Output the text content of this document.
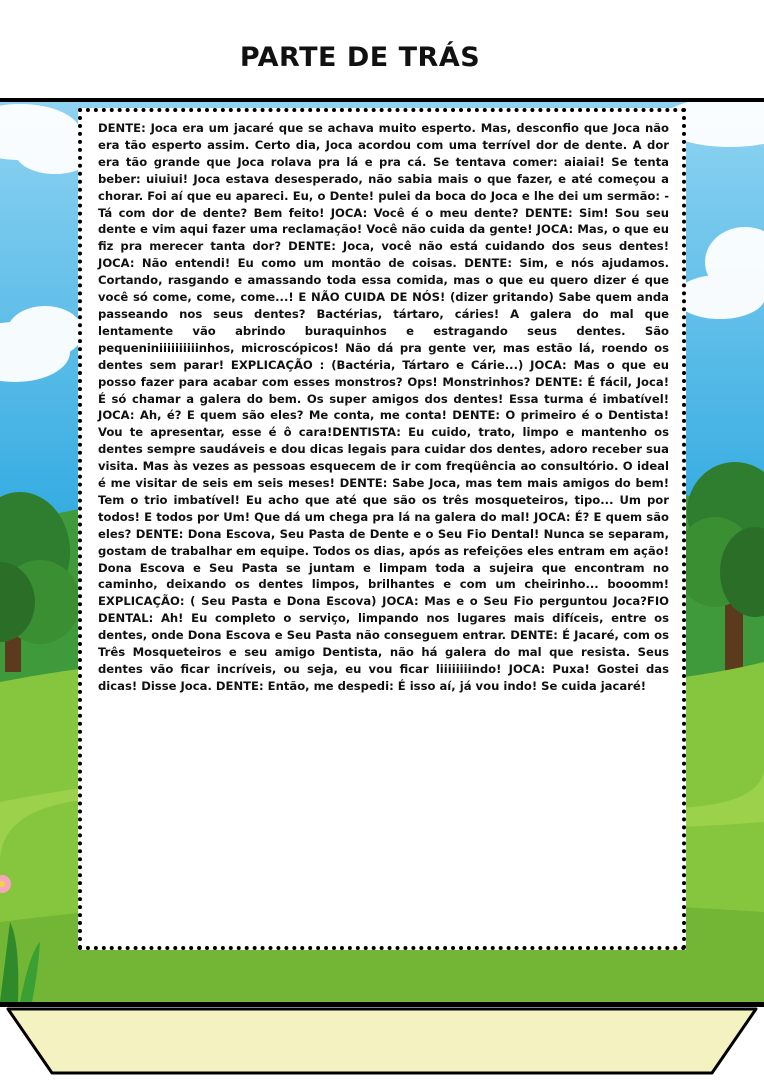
PARTE DE TRÁS

DENTE: Joca era um jacaré que se achava muito esperto. Mas, desconfio que Joca não era tão esperto assim. Certo dia, Joca acordou com uma terrível dor de dente. A dor era tão grande que Joca rolava pra lá e pra cá. Se tentava comer: aiaiai! Se tenta beber: uiuiui! Joca estava desesperado, não sabia mais o que fazer, e até começou a chorar. Foi aí que eu apareci. Eu, o Dente! pulei da boca do Joca e lhe dei um sermão: - Tá com dor de dente? Bem feito! JOCA: Você é o meu dente? DENTE: Sim! Sou seu dente e vim aqui fazer uma reclamação! Você não cuida da gente! JOCA: Mas, o que eu fiz pra merecer tanta dor? DENTE: Joca, você não está cuidando dos seus dentes! JOCA: Não entendi! Eu como um montão de coisas. DENTE: Sim, e nós ajudamos. Cortando, rasgando e amassando toda essa comida, mas o que eu quero dizer é que você só come, come, come...! E NÃO CUIDA DE NÓS! (dizer gritando) Sabe quem anda passeando nos seus dentes? Bactérias, tártaro, cáries! A galera do mal que lentamente vão abrindo buraquinhos e estragando seus dentes. São pequeniniiiiiiiiiinhos, microscópicos! Não dá pra gente ver, mas estão lá, roendo os dentes sem parar! EXPLICAÇÃO : (Bactéria, Tártaro e Cárie...) JOCA: Mas o que eu posso fazer para acabar com esses monstros? Ops! Monstrinhos? DENTE: É fácil, Joca! É só chamar a galera do bem. Os super amigos dos dentes! Essa turma é imbatível! JOCA: Ah, é? E quem são eles? Me conta, me conta! DENTE: O primeiro é o Dentista! Vou te apresentar, esse é ô cara!DENTISTA: Eu cuido, trato, limpo e mantenho os dentes sempre saudáveis e dou dicas legais para cuidar dos dentes, adoro receber sua visita. Mas às vezes as pessoas esquecem de ir com freqüência ao consultório. O ideal é me visitar de seis em seis meses! DENTE: Sabe Joca, mas tem mais amigos do bem! Tem o trio imbatível! Eu acho que até que são os três mosqueteiros, tipo... Um por todos! E todos por Um! Que dá um chega pra lá na galera do mal! JOCA: É? E quem são eles? DENTE: Dona Escova, Seu Pasta de Dente e o Seu Fio Dental! Nunca se separam, gostam de trabalhar em equipe. Todos os dias, após as refeições eles entram em ação! Dona Escova e Seu Pasta se juntam e limpam toda a sujeira que encontram no caminho, deixando os dentes limpos, brilhantes e com um cheirinho... booomm! EXPLICAÇÃO: ( Seu Pasta e Dona Escova) JOCA: Mas e o Seu Fio perguntou Joca?FIO DENTAL: Ah! Eu completo o serviço, limpando nos lugares mais difíceis, entre os dentes, onde Dona Escova e Seu Pasta não conseguem entrar. DENTE: É Jacaré, com os Três Mosqueteiros e seu amigo Dentista, não há galera do mal que resista. Seus dentes vão ficar incríveis, ou seja, eu vou ficar liiiiiiiindo! JOCA: Puxa! Gostei das dicas! Disse Joca. DENTE: Então, me despedi: É isso aí, já vou indo! Se cuida jacaré!
